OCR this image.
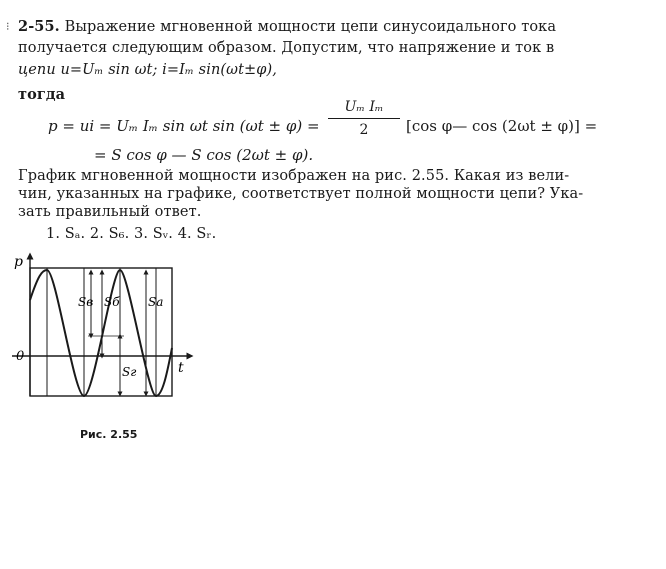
⁝ 2-55. Выражение мгновенной мощности цепи синусоидального тока
получается следующим образом. Допустим, что напряжение и ток в
цепи u=Uₘ sin ωt; i=Iₘ sin(ωt±φ),
тогда
p = ui = Uₘ Iₘ sin ωt sin (ωt ± φ) =
Uₘ Iₘ
2	[cos φ— cos (2ωt ± φ)] =
= S cos φ — S cos (2ωt ± φ).
График мгновенной мощности изображен на рис. 2.55. Какая из вели-
чин, указанных на графике, соответствует полной мощности цепи? Ука-
зать правильный ответ.
1. Sₐ. 2. S₆. 3. Sᵥ. 4. Sᵣ.
p
t
0
Sв Sб Sа
Sг
Рис. 2.55
